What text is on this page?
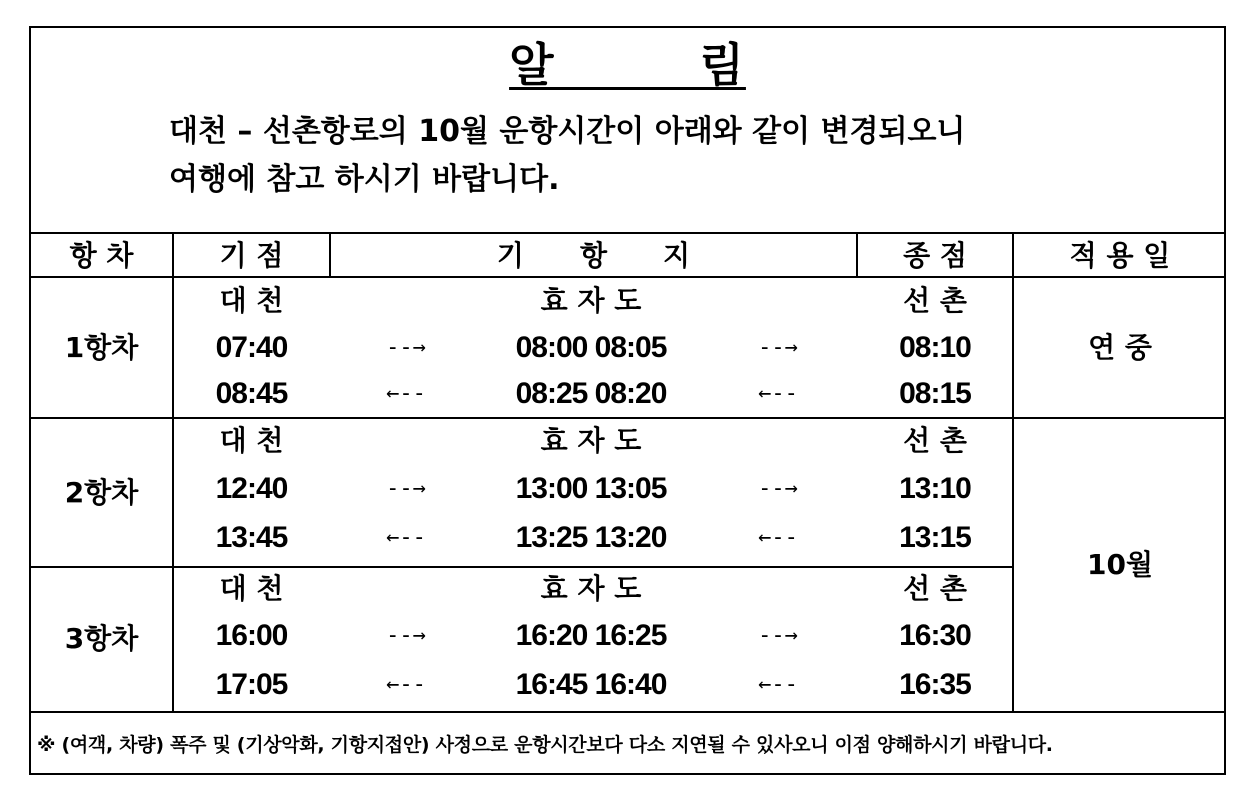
알　　　림
대천 – 선촌항로의 10월 운항시간이 아래와 같이 변경되오니
여행에 참고 하시기 바랍니다.
항 차	기 점	기　　항　　지	종 점	적 용 일
1항차
대 천	효 자 도	선 촌
07:40	--→	08:00 08:05	--→	08:10
08:45	←--	08:25 08:20	←--	08:15
연 중
2항차
대 천	효 자 도	선 촌
12:40	--→	13:00 13:05	--→	13:10
13:45	←--	13:25 13:20	←--	13:15
3항차
대 천	효 자 도	선 촌
16:00	--→	16:20 16:25	--→	16:30
17:05	←--	16:45 16:40	←--	16:35
10월
※ (여객, 차량) 폭주 및 (기상악화, 기항지접안) 사정으로 운항시간보다 다소 지연될 수 있사오니 이점 양해하시기 바랍니다.
